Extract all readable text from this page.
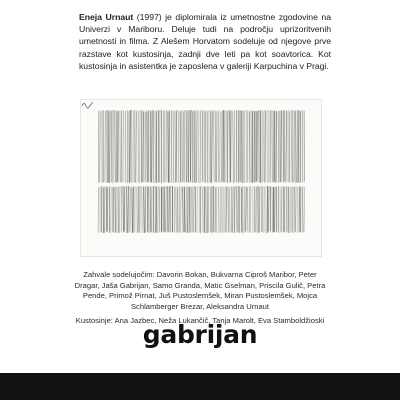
Eneja Urnaut (1997) je diplomirala iz umetnostne zgodovine na Univerzi v Mariboru. Deluje tudi na področju uprizoritvenih umetnosti in filma. Z Alešem Horvatom sodeluje od njegove prve razstave kot kustosinja, zadnji dve leti pa kot soavtorica. Kot kustosinja in asistentka je zaposlena v galeriji Karpuchina v Pragi.

Zahvale sodelujočim: Davorin Bokan, Bukvarna Ciproš Maribor, Peter Dragar, Jaša Gabrijan, Samo Granda, Matic Gselman, Priscila Gulič, Petra Pende, Primož Pirnat, Juš Pustoslemšek, Miran Pustoslemšek, Mojca Schlamberger Brezar, Aleksandra Urnaut

Kustosinje: Ana Jazbec, Neža Lukančič, Tanja Marolt, Eva Stamboldžioski

gabrijan
